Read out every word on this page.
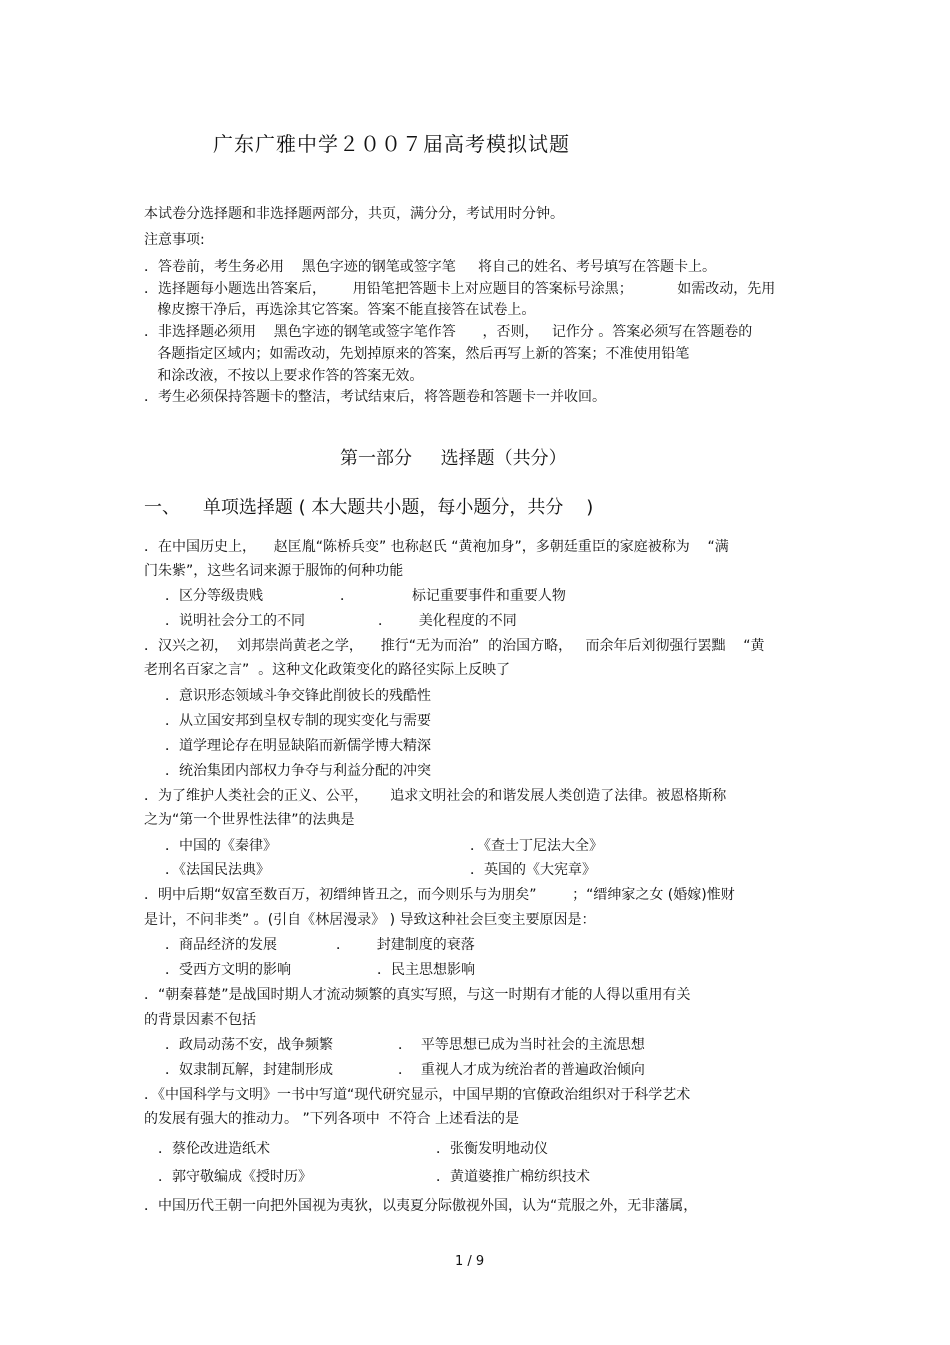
广东广雅中学２００７届高考模拟试题
本试卷分选择题和非选择题两部分，共页，满分分，考试用时分钟。
注意事项:
．答卷前，考生务必用    黑色字迹的钢笔或签字笔     将自己的姓名、考号填写在答题卡上。
．选择题每小题选出答案后，      用铅笔把答题卡上对应题目的答案标号涂黑；          如需改动，先用
橡皮擦干净后，再选涂其它答案。答案不能直接答在试卷上。
．非选择题必须用    黑色字迹的钢笔或签字笔作答      ，否则，   记作分 。答案必须写在答题卷的
各题指定区域内；如需改动，先划掉原来的答案，然后再写上新的答案；不准使用铅笔
和涂改液，不按以上要求作答的答案无效。
．考生必须保持答题卡的整洁，考试结束后，将答题卷和答题卡一并收回。
第一部分     选择题（共分）
一、    单项选择题 ( 本大题共小题，每小题分，共分    )
．在中国历史上，    赵匡胤“陈桥兵变” 也称赵氏 “黄袍加身”，多朝廷重臣的家庭被称为    “满
门朱紫”，这些名词来源于服饰的何种功能
．区分等级贵贱	．             标记重要事件和重要人物
．说明社会分工的不同	．      美化程度的不同
．汉兴之初，  刘邦崇尚黄老之学，    推行“无为而治”  的治国方略，   而余年后刘彻强行罢黜    “黄
老刑名百家之言”  。这种文化政策变化的路径实际上反映了
．意识形态领域斗争交锋此削彼长的残酷性
．从立国安邦到皇权专制的现实变化与需要
．道学理论存在明显缺陷而新儒学博大精深
．统治集团内部权力争夺与利益分配的冲突
．为了维护人类社会的正义、公平，     追求文明社会的和谐发展人类创造了法律。被恩格斯称
之为“第一个世界性法律”的法典是
．中国的《秦律》	．《查士丁尼法大全》
．《法国民法典》	．英国的《大宪章》
．明中后期“奴富至数百万，初缙绅皆丑之，而今则乐与为朋矣”        ；“缙绅家之女 (婚嫁)惟财
是计，不问非类” 。(引自《林居漫录》 ) 导致这种社会巨变主要原因是：
．商品经济的发展	．      封建制度的衰落
．受西方文明的影响	．民主思想影响
．“朝秦暮楚”是战国时期人才流动频繁的真实写照，与这一时期有才能的人得以重用有关
的背景因素不包括
．政局动荡不安，战争频繁	．  平等思想已成为当时社会的主流思想
．奴隶制瓦解，封建制形成	．  重视人才成为统治者的普遍政治倾向
．《中国科学与文明》一书中写道“现代研究显示，中国早期的官僚政治组织对于科学艺术
的发展有强大的推动力。 ”下列各项中  不符合 上述看法的是
．蔡伦改进造纸术	．张衡发明地动仪
．郭守敬编成《授时历》	．黄道婆推广棉纺织技术
．中国历代王朝一向把外国视为夷狄，以夷夏分际傲视外国，认为“荒服之外，无非藩属，
1 / 9
